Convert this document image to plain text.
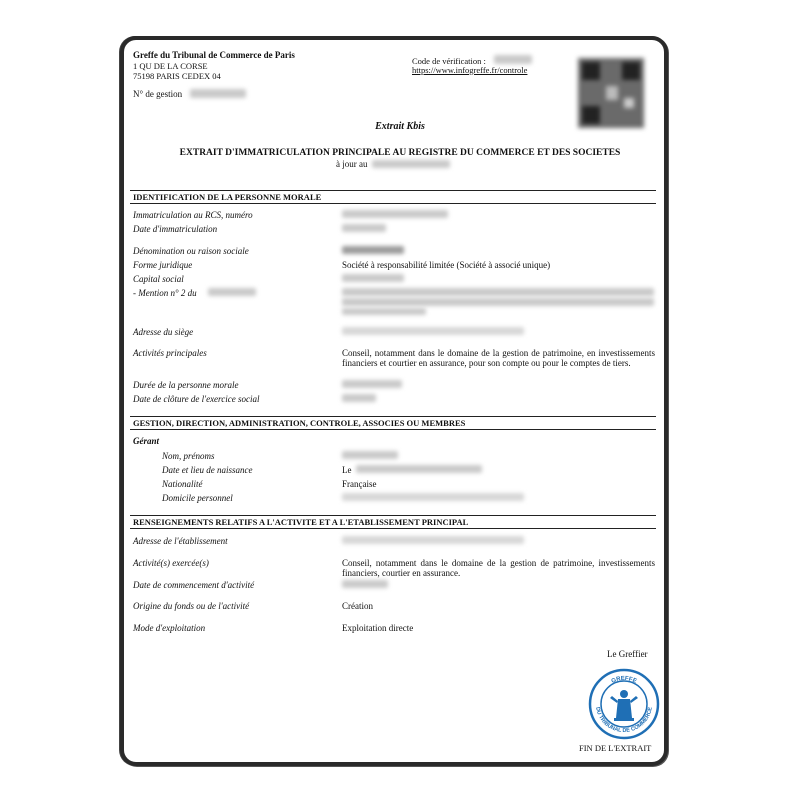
Greffe du Tribunal de Commerce de Paris
1 QU DE LA CORSE
75198 PARIS CEDEX 04
N° de gestion
Code de vérification :
https://www.infogreffe.fr/controle
Extrait Kbis
EXTRAIT D'IMMATRICULATION PRINCIPALE AU REGISTRE DU COMMERCE ET DES SOCIETES
à jour au
IDENTIFICATION DE LA PERSONNE MORALE
Immatriculation au RCS, numéro
Date d'immatriculation
Dénomination ou raison sociale
Forme juridique	Société à responsabilité limitée (Société à associé unique)
Capital social
- Mention n° 2 du
Adresse du siège
Activités principales	Conseil, notamment dans le domaine de la gestion de patrimoine, en investissements financiers et courtier en assurance, pour son compte ou pour le comptes de tiers.
Durée de la personne morale
Date de clôture de l'exercice social
GESTION, DIRECTION, ADMINISTRATION, CONTROLE, ASSOCIES OU MEMBRES
Gérant
Nom, prénoms
Date et lieu de naissance	Le
Nationalité	Française
Domicile personnel
RENSEIGNEMENTS RELATIFS A L'ACTIVITE ET A L'ETABLISSEMENT PRINCIPAL
Adresse de l'établissement
Activité(s) exercée(s)	Conseil, notamment dans le domaine de la gestion de patrimoine, investissements financiers, courtier en assurance.
Date de commencement d'activité
Origine du fonds ou de l'activité	Création
Mode d'exploitation	Exploitation directe
Le Greffier
GREFFE
DU TRIBUNAL DE COMMERCE
FIN DE L'EXTRAIT
